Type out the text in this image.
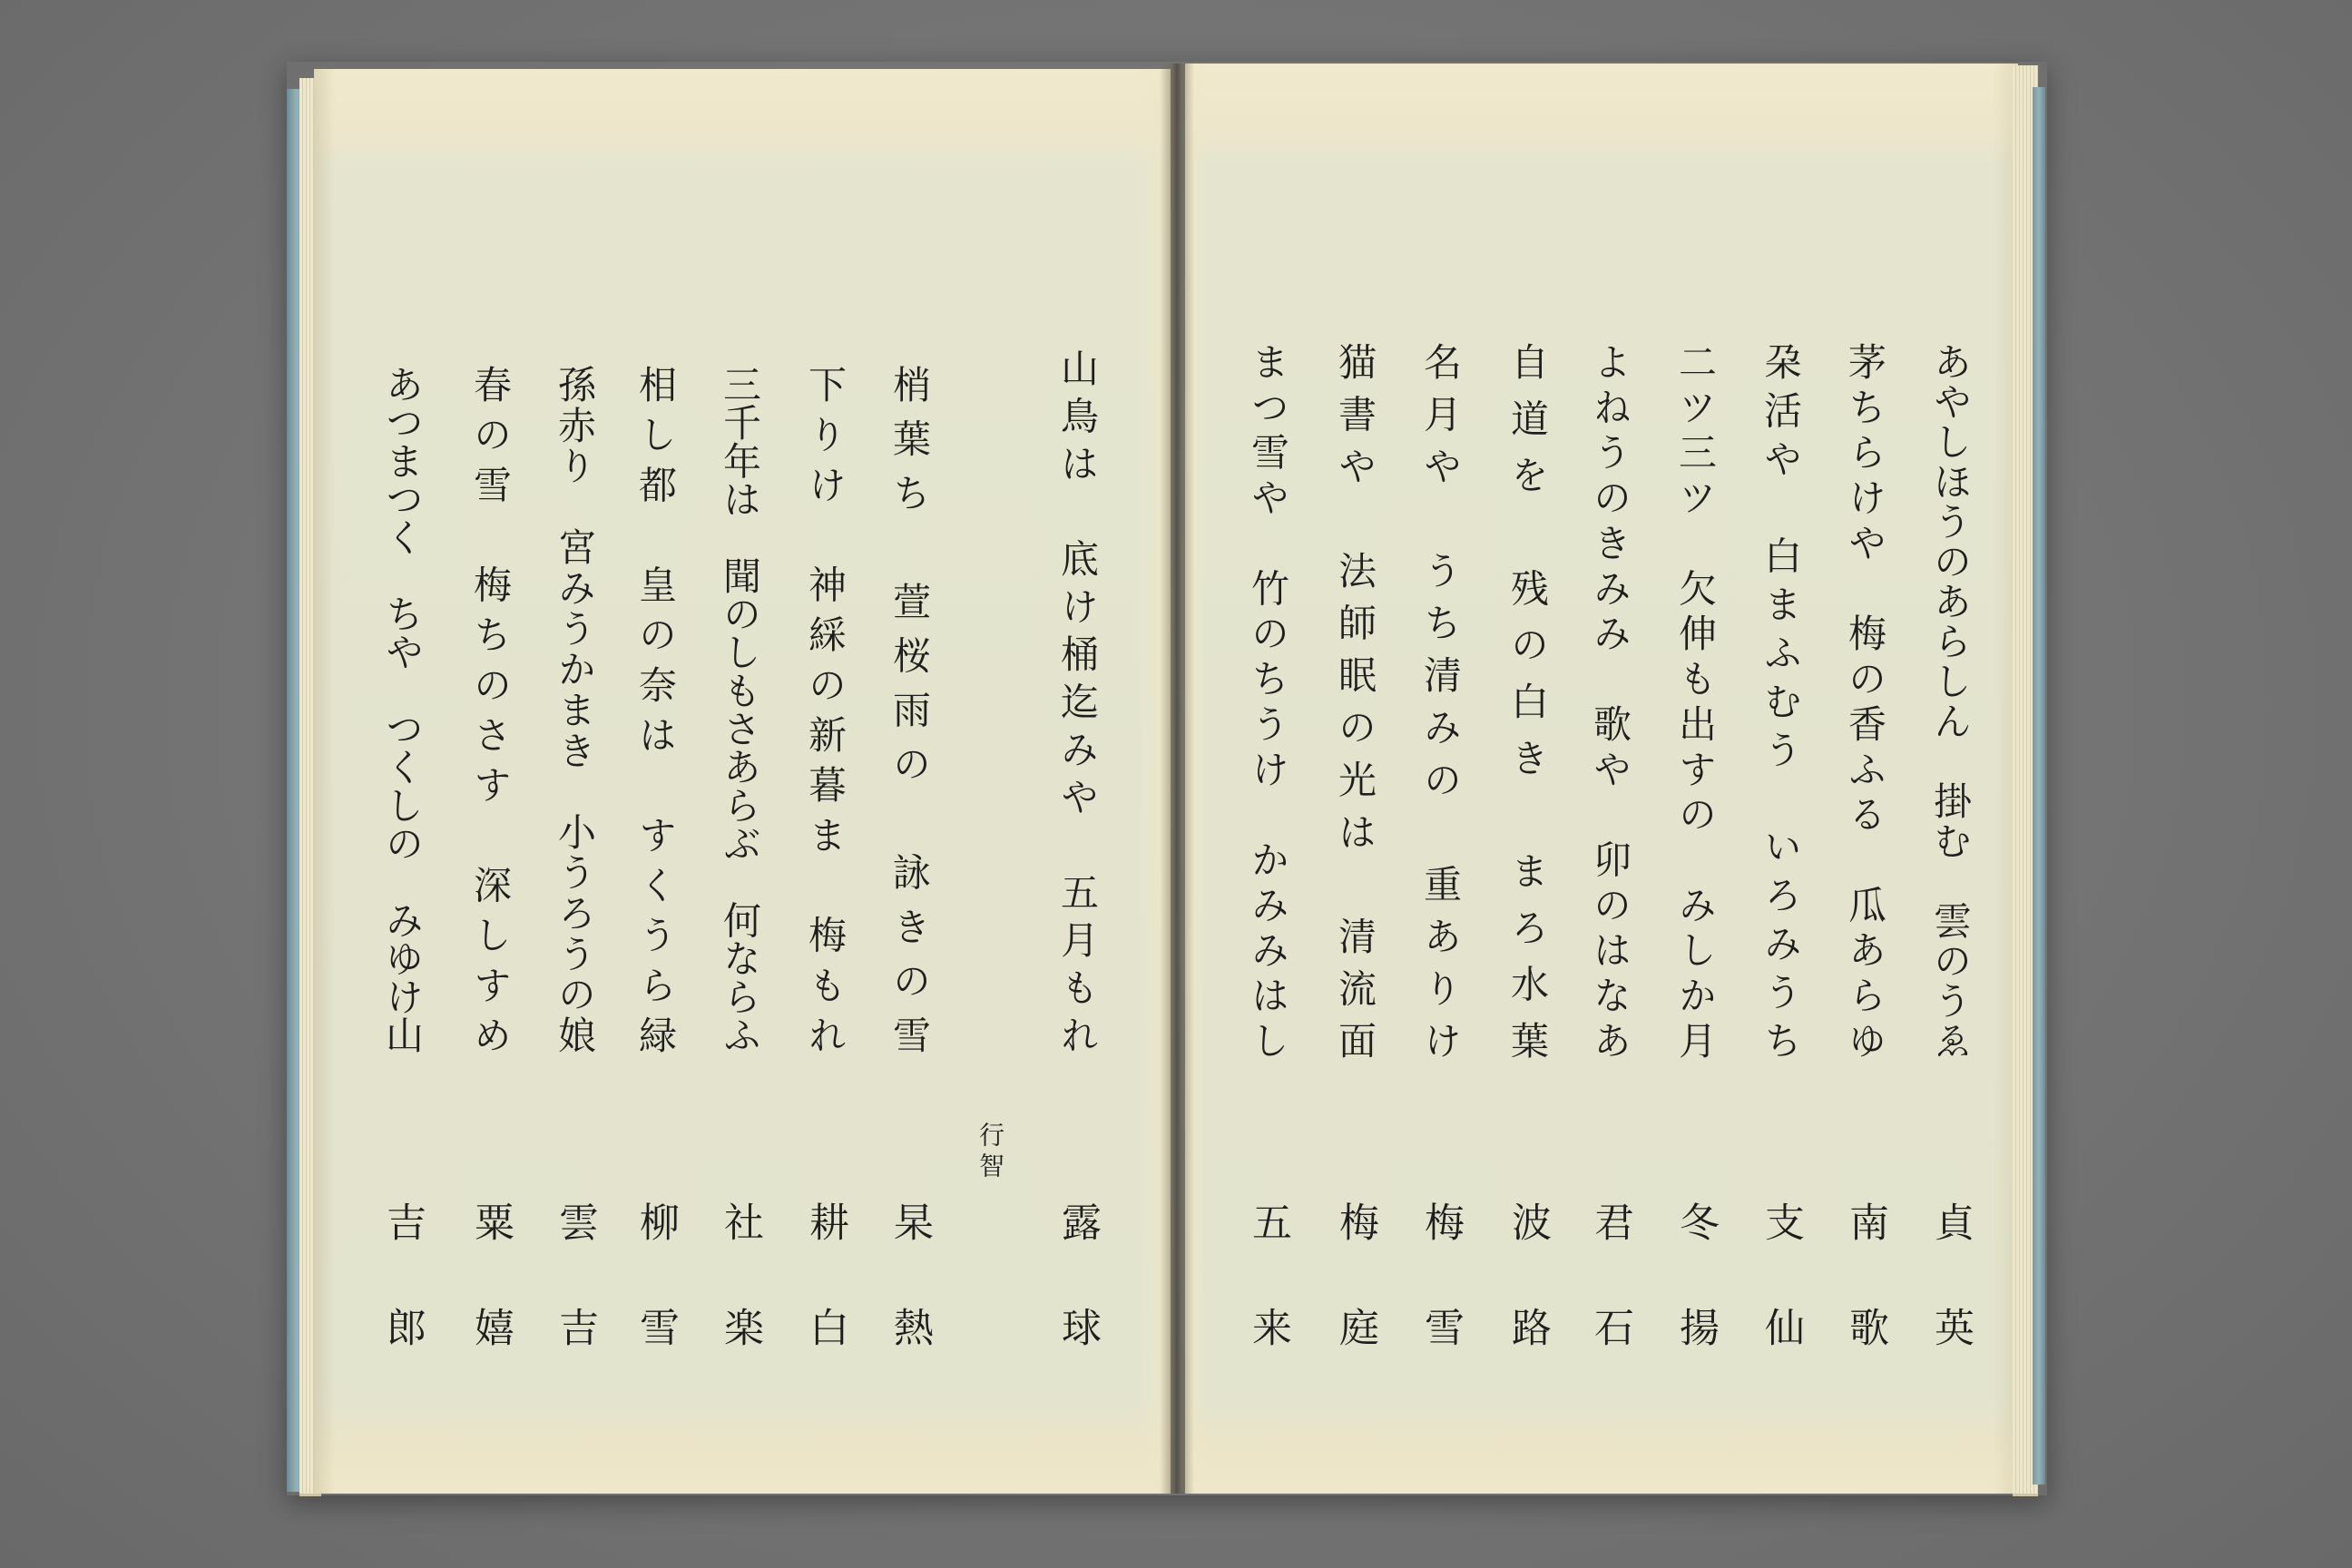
山鳥は　底け桶迄みや　五月もれ
露球
行智
梢葉ち　萱桜雨の　詠きの雪
杲熱
下りけ　神綵の新暮ま　梅もれ
耕白
三千年は　聞のしもさあらぶ　何ならふ
社楽
相し都　皇の奈は　すくうら緑
柳雪
孫赤り　宮みうかまき　小うろうの娘
雲吉
春の雪　梅ちのさす　深しすめ
粟嬉
あつまつく　ちや　つくしの　みゆけ山
吉郎
あやしほうのあらしん　掛む　雲のうゑ
貞英
茅ちらけや　梅の香ふる　瓜あらゆ
南歌
朶活や　白まふむう　いろみうち
支仙
二ツ三ツ　欠伸も出すの　みしか月
冬揚
よねうのきみみ　歌や　卯のはなあ
君石
自道を　残の白き　まろ水葉
波路
名月や　うち清みの　重ありけ
梅雪
猫書や　法師眠の光は　清流面
梅庭
まつ雪や　竹のちうけ　かみみはし
五来
